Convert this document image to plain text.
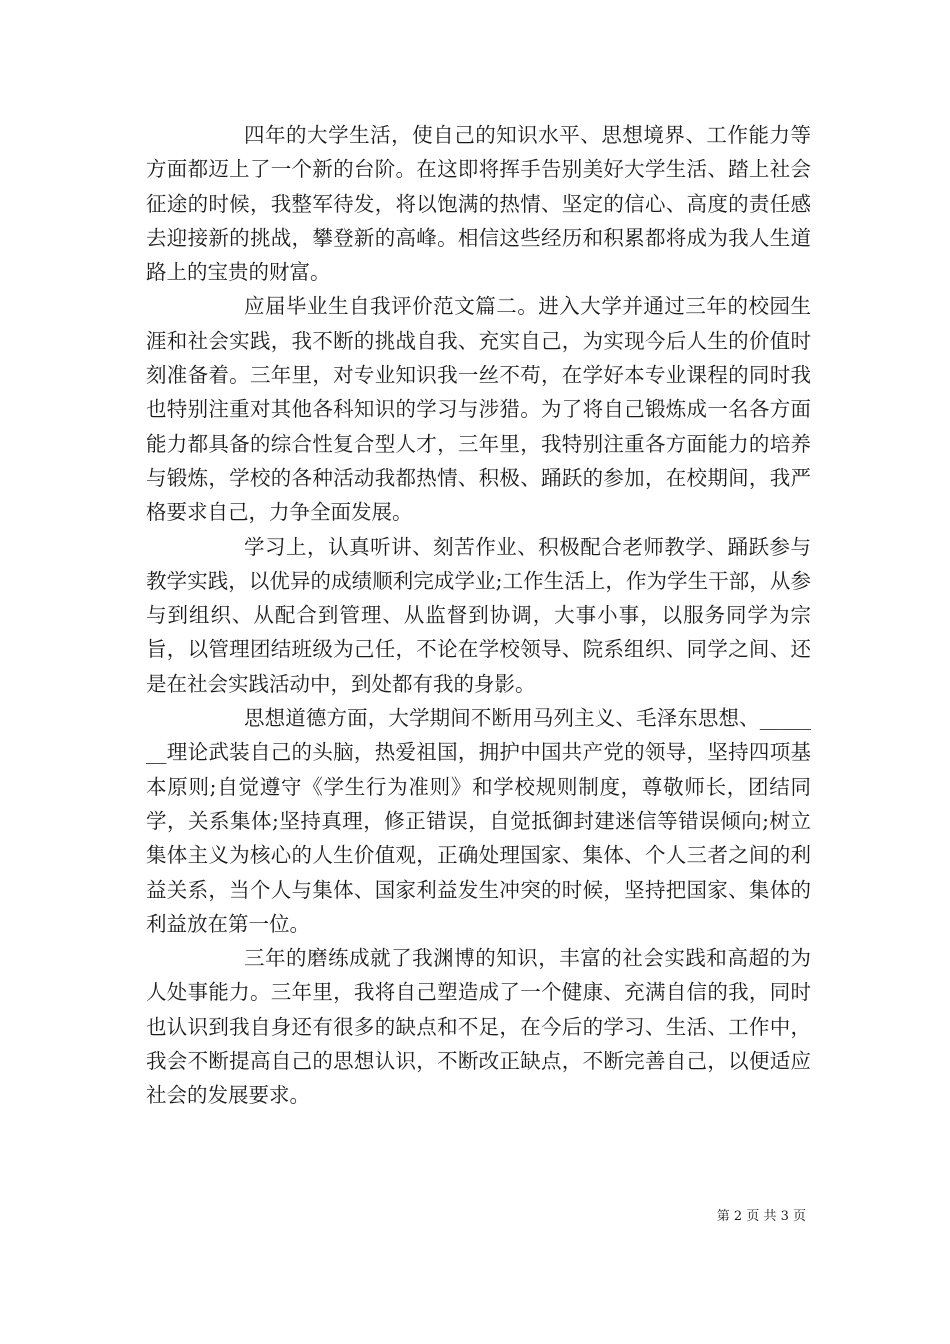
四年的大学生活，使自己的知识水平、思想境界、工作能力等方面都迈上了一个新的台阶。在这即将挥手告别美好大学生活、踏上社会征途的时候，我整军待发，将以饱满的热情、坚定的信心、高度的责任感去迎接新的挑战，攀登新的高峰。相信这些经历和积累都将成为我人生道路上的宝贵的财富。

应届毕业生自我评价范文篇二。进入大学并通过三年的校园生涯和社会实践，我不断的挑战自我、充实自己，为实现今后人生的价值时刻准备着。三年里，对专业知识我一丝不苟，在学好本专业课程的同时我也特别注重对其他各科知识的学习与涉猎。为了将自己锻炼成一名各方面能力都具备的综合性复合型人才，三年里，我特别注重各方面能力的培养与锻炼，学校的各种活动我都热情、积极、踊跃的参加，在校期间，我严格要求自己，力争全面发展。

学习上，认真听讲、刻苦作业、积极配合老师教学、踊跃参与教学实践，以优异的成绩顺利完成学业;工作生活上，作为学生干部，从参与到组织、从配合到管理、从监督到协调，大事小事，以服务同学为宗旨，以管理团结班级为己任，不论在学校领导、院系组织、同学之间、还是在社会实践活动中，到处都有我的身影。

思想道德方面，大学期间不断用马列主义、毛泽东思想、_______理论武装自己的头脑，热爱祖国，拥护中国共产党的领导，坚持四项基本原则;自觉遵守《学生行为准则》和学校规则制度，尊敬师长，团结同学，关系集体;坚持真理，修正错误，自觉抵御封建迷信等错误倾向;树立集体主义为核心的人生价值观，正确处理国家、集体、个人三者之间的利益关系，当个人与集体、国家利益发生冲突的时候，坚持把国家、集体的利益放在第一位。

三年的磨练成就了我渊博的知识，丰富的社会实践和高超的为人处事能力。三年里，我将自己塑造成了一个健康、充满自信的我，同时也认识到我自身还有很多的缺点和不足，在今后的学习、生活、工作中，我会不断提高自己的思想认识，不断改正缺点，不断完善自己，以便适应社会的发展要求。

第 2 页 共 3 页
